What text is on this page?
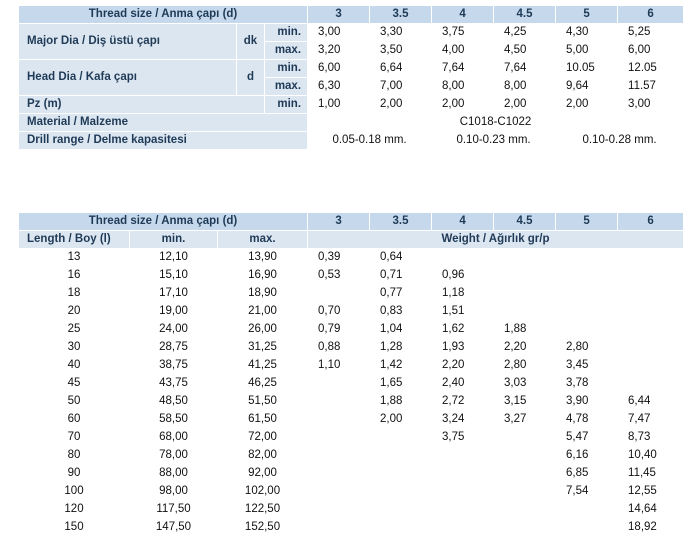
Thread size / Anma çapı (d)			3	3.5	4	4.5	5	6
Major Dia / Diş üstü çapı	dk	min.	3,00	3,30	3,75	4,25	4,30	5,25
		max.	3,20	3,50	4,00	4,50	5,00	6,00
Head Dia / Kafa çapı	d	min.	6,00	6,64	7,64	7,64	10.05	12.05
		max.	6,30	7,00	8,00	8,00	9,64	11.57
Pz (m)		min.	1,00	2,00	2,00	2,00	2,00	3,00
Material / Malzeme			C1018-C1022					
Drill range / Delme kapasitesi			0.05-0.18 mm.		0.10-0.23 mm.		0.10-0.28 mm.	
Thread size / Anma çapı (d)			3	3.5	4	4.5	5	6
Length / Boy (l)	min.	max.	Weight / Ağırlık gr/p					
13	12,10	13,90	0,39	0,64				
16	15,10	16,90	0,53	0,71	0,96			
18	17,10	18,90		0,77	1,18			
20	19,00	21,00	0,70	0,83	1,51			
25	24,00	26,00	0,79	1,04	1,62	1,88		
30	28,75	31,25	0,88	1,28	1,93	2,20	2,80	
40	38,75	41,25	1,10	1,42	2,20	2,80	3,45	
45	43,75	46,25		1,65	2,40	3,03	3,78	
50	48,50	51,50		1,88	2,72	3,15	3,90	6,44
60	58,50	61,50		2,00	3,24	3,27	4,78	7,47
70	68,00	72,00			3,75		5,47	8,73
80	78,00	82,00					6,16	10,40
90	88,00	92,00					6,85	11,45
100	98,00	102,00					7,54	12,55
120	117,50	122,50						14,64
150	147,50	152,50						18,92
